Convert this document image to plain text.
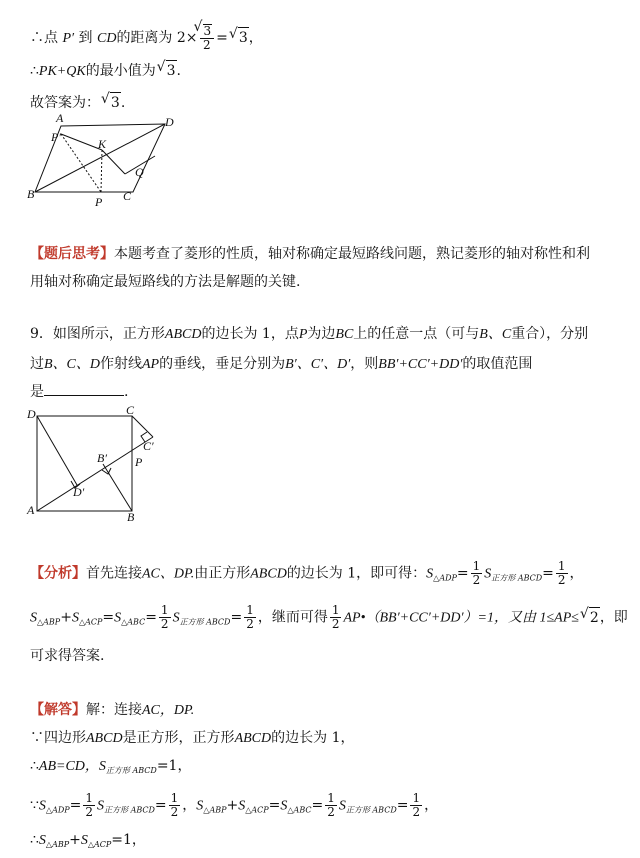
∴点 P′ 到 CD的距离为 2× √ $\frac{3}{2}$ = √ 3，
∴PK+QK的最小值为 √ 3.
故答案为： √ 3.
A	D
P′	K
Q
B
P C
【题后思考】本题考查了菱形的性质，轴对称确定最短路线问题，熟记菱形的轴对称性和利
用轴对称确定最短路线的方法是解题的关键.
9．如图所示，正方形ABCD的边长为 1，点P为边BC上的任意一点（可与B、C重合），分别
过B、C、D作射线AP的垂线，垂足分别为B′、C′、D′，则BB′+CC′+DD′的取值范围
是	.
D	C
C′
B′ P
D′
A	B
【分析】首先连接AC、DP.由正方形ABCD的边长为 1，即可得：$S_{\triangle ADP}= \frac{1}{2} S_{正方形 ABCD}= \frac{1}{2}$ ，
$S_{\triangle ABP}+S_{\triangle ACP}=S_{\triangle ABC}= \frac{1}{2} S_{正方形 ABCD}= \frac{1}{2}$ ，继而可得 $\frac{1}{2}$ AP•（BB′+CC′+DD′）=1，又由 1≤AP≤ √ 2，即
可求得答案.
【解答】解：连接AC，DP.
∵四边形ABCD是正方形，正方形ABCD的边长为 1，
∴AB=CD，$S_{正方形 ABCD}=1$，
$\because S_{\triangle ADP}= \frac{1}{2} S_{正方形 ABCD}= \frac{1}{2}$ ，$S_{\triangle ABP}+S_{\triangle ACP}=S_{\triangle ABC}= \frac{1}{2} S_{正方形 ABCD}= \frac{1}{2}$ ，
$\therefore S_{\triangle ABP}+S_{\triangle ACP}=1$，
